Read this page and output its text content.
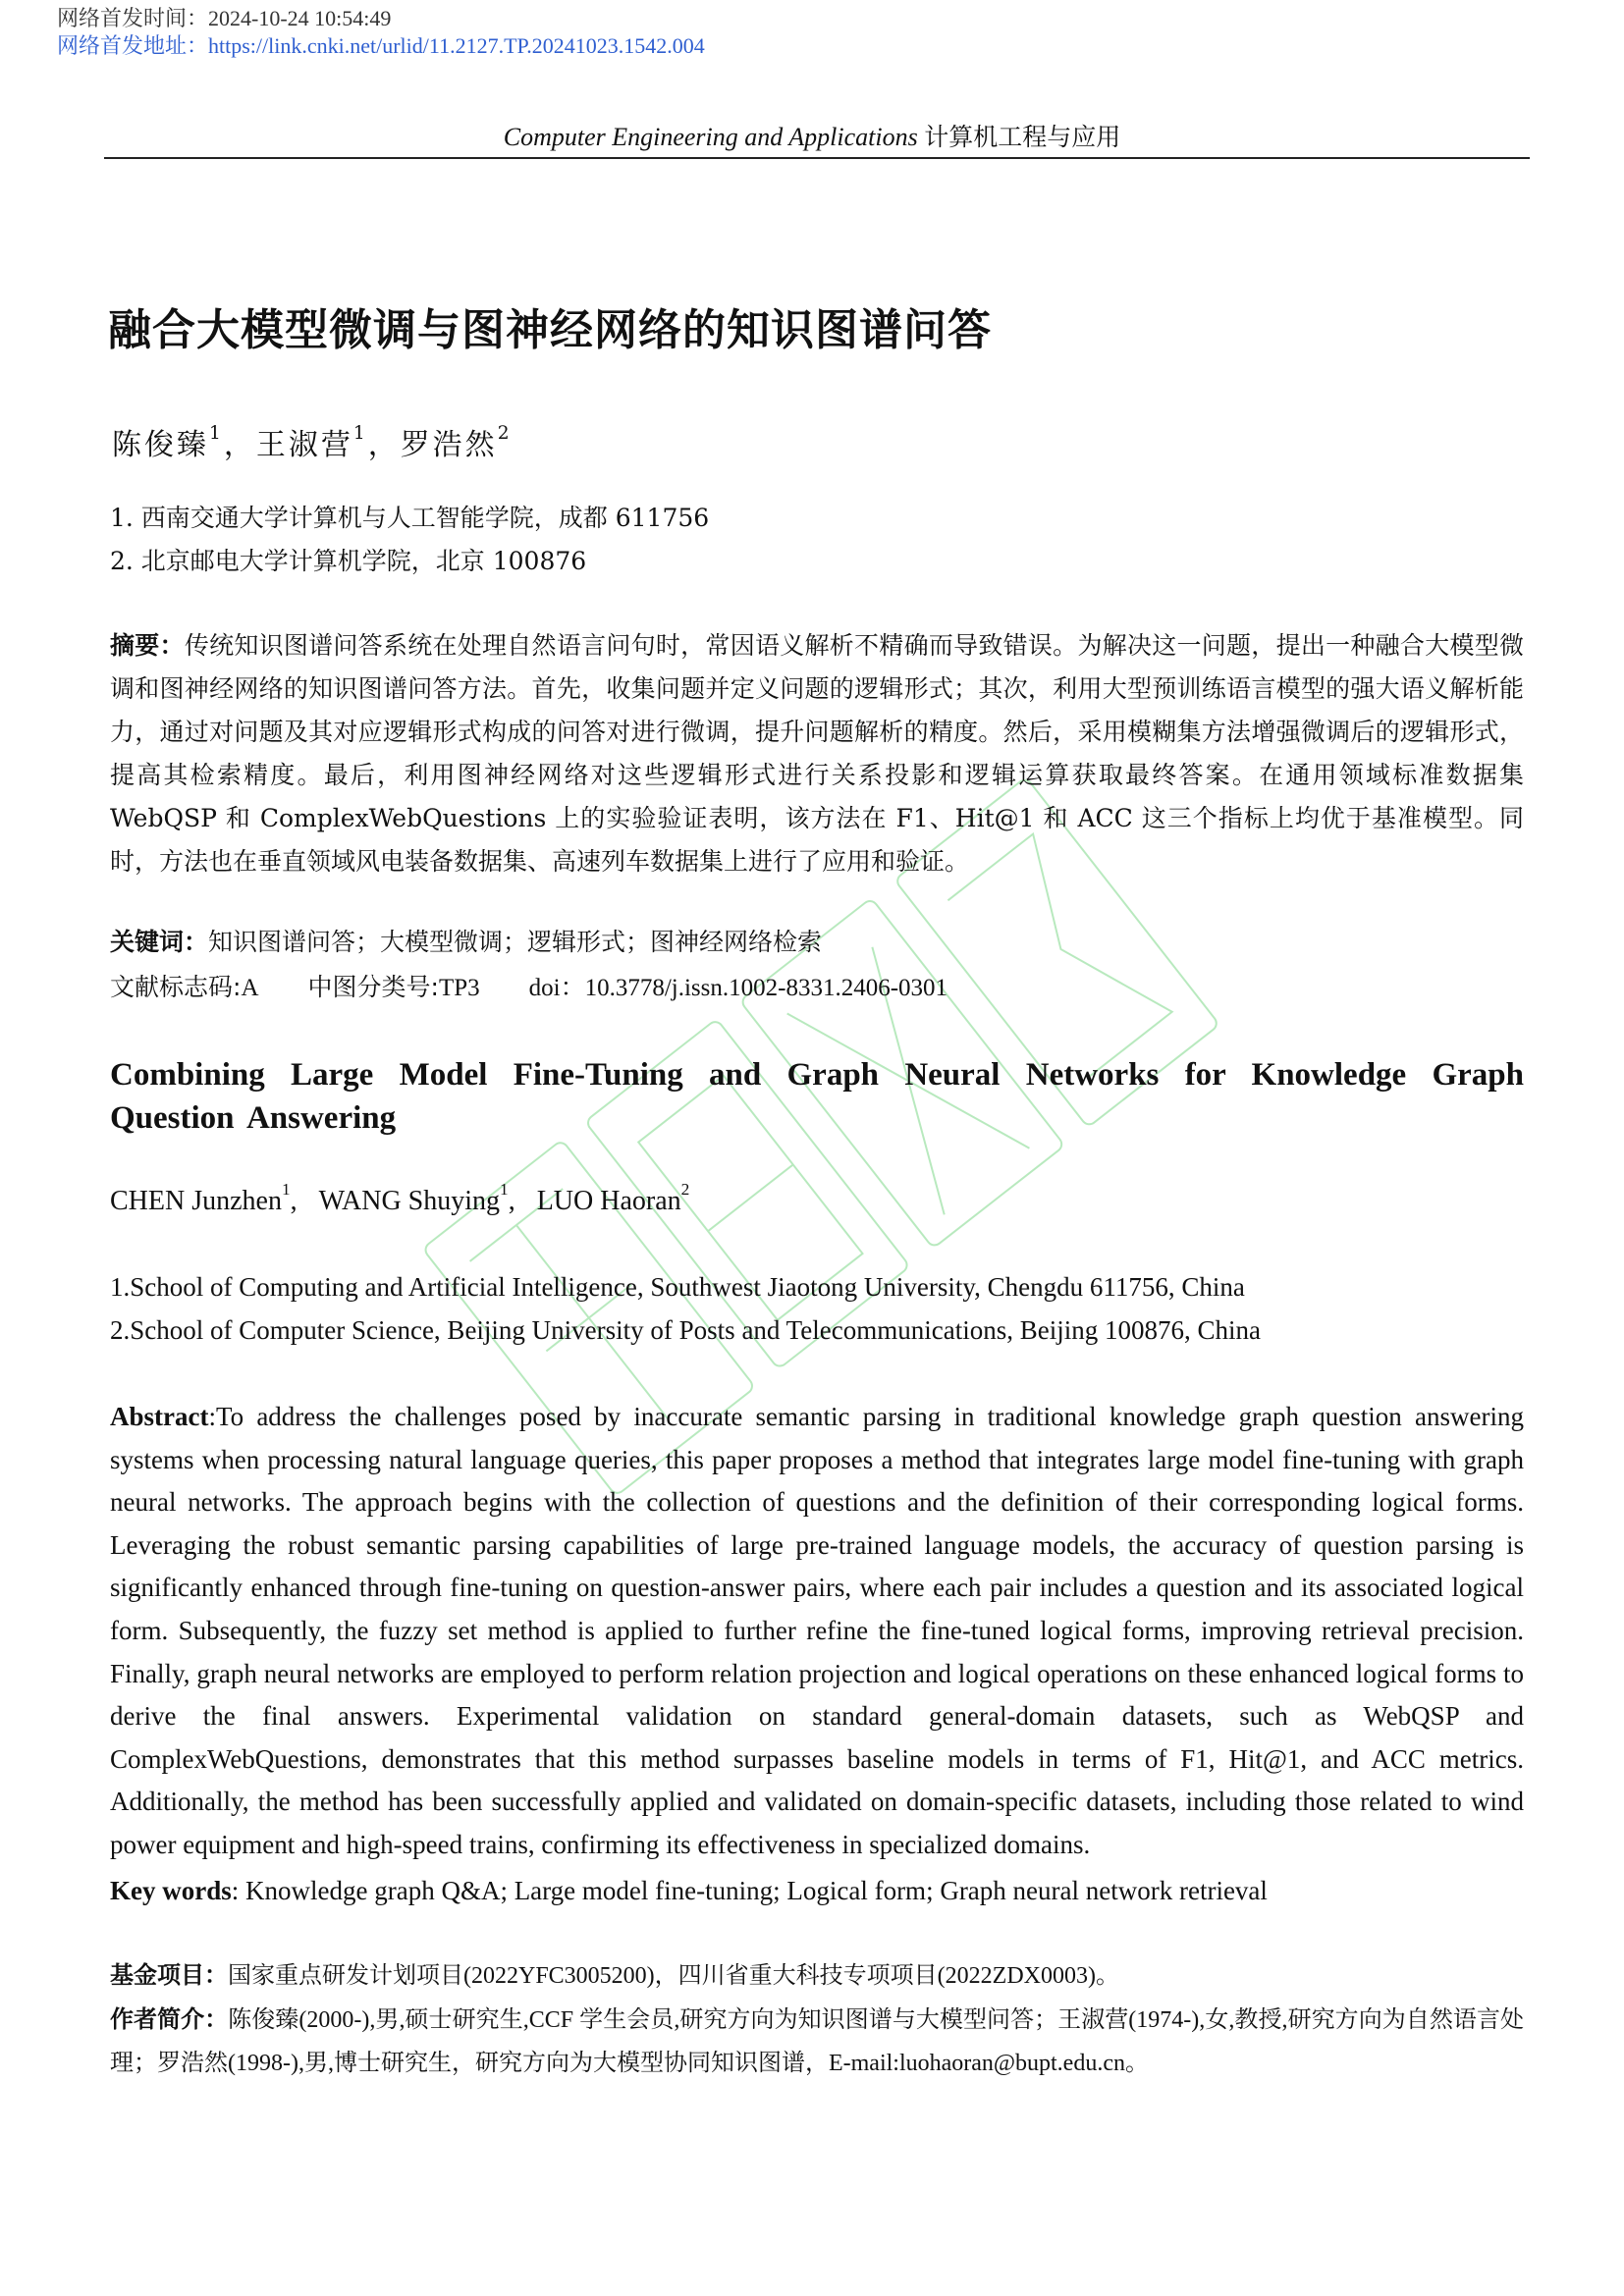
网络首发时间：2024-10-24 10:54:49
网络首发地址：https://link.cnki.net/urlid/11.2127.TP.20241023.1542.004
Computer Engineering and Applications 计算机工程与应用
融合大模型微调与图神经网络的知识图谱问答
陈俊臻$^1$，王淑营$^1$，罗浩然$^2$
1. 西南交通大学计算机与人工智能学院，成都 611756
2. 北京邮电大学计算机学院，北京 100876
摘要：传统知识图谱问答系统在处理自然语言问句时，常因语义解析不精确而导致错误。为解决这一问题，提出一种融合大模型微调和图神经网络的知识图谱问答方法。首先，收集问题并定义问题的逻辑形式；其次，利用大型预训练语言模型的强大语义解析能力，通过对问题及其对应逻辑形式构成的问答对进行微调，提升问题解析的精度。然后，采用模糊集方法增强微调后的逻辑形式，提高其检索精度。最后，利用图神经网络对这些逻辑形式进行关系投影和逻辑运算获取最终答案。在通用领域标准数据集 WebQSP 和 ComplexWebQuestions 上的实验验证表明，该方法在 F1、Hit@1 和 ACC 这三个指标上均优于基准模型。同时，方法也在垂直领域风电装备数据集、高速列车数据集上进行了应用和验证。
关键词：知识图谱问答；大模型微调；逻辑形式；图神经网络检索
文献标志码:A 中图分类号:TP3 doi：10.3778/j.issn.1002-8331.2406-0301
Combining Large Model Fine-Tuning and Graph Neural Networks for Knowledge Graph Question Answering
CHEN Junzhen$^1$, WANG Shuying$^1$, LUO Haoran$^2$
1.School of Computing and Artificial Intelligence, Southwest Jiaotong University, Chengdu 611756, China
2.School of Computer Science, Beijing University of Posts and Telecommunications, Beijing 100876, China
Abstract:To address the challenges posed by inaccurate semantic parsing in traditional knowledge graph question answering systems when processing natural language queries, this paper proposes a method that integrates large model fine-tuning with graph neural networks. The approach begins with the collection of questions and the definition of their corresponding logical forms. Leveraging the robust semantic parsing capabilities of large pre-trained language models, the accuracy of question parsing is significantly enhanced through fine-tuning on question-answer pairs, where each pair includes a question and its associated logical form. Subsequently, the fuzzy set method is applied to further refine the fine-tuned logical forms, improving retrieval precision. Finally, graph neural networks are employed to perform relation projection and logical operations on these enhanced logical forms to derive the final answers. Experimental validation on standard general-domain datasets, such as WebQSP and ComplexWebQuestions, demonstrates that this method surpasses baseline models in terms of F1, Hit@1, and ACC metrics. Additionally, the method has been successfully applied and validated on domain-specific datasets, including those related to wind power equipment and high-speed trains, confirming its effectiveness in specialized domains.
Key words: Knowledge graph Q&A; Large model fine-tuning; Logical form; Graph neural network retrieval
基金项目：国家重点研发计划项目(2022YFC3005200)，四川省重大科技专项项目(2022ZDX0003)。
作者简介：陈俊臻(2000-),男,硕士研究生,CCF 学生会员,研究方向为知识图谱与大模型问答；王淑营(1974-),女,教授,研究方向为自然语言处理；罗浩然(1998-),男,博士研究生，研究方向为大模型协同知识图谱，E-mail:luohaoran@bupt.edu.cn。
